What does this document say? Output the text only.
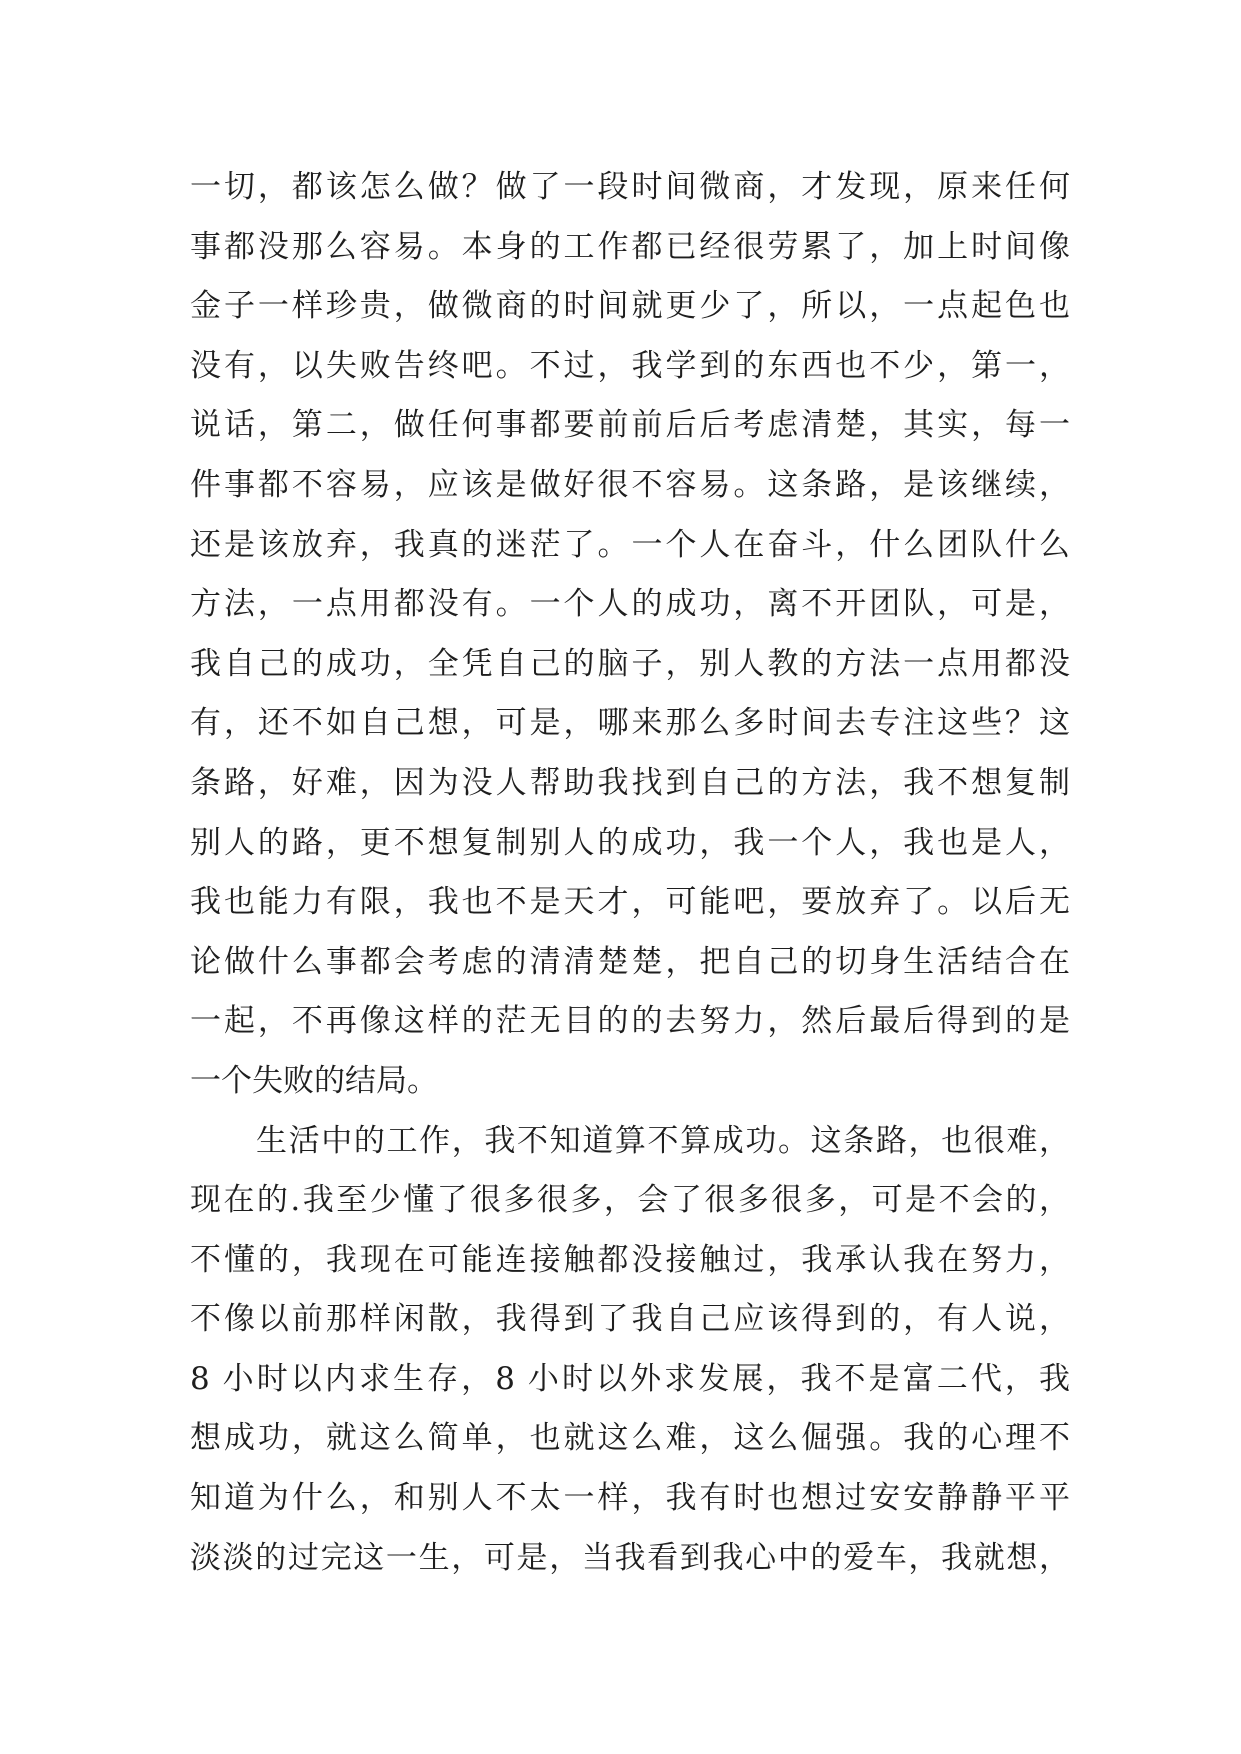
一切，都该怎么做？做了一段时间微商，才发现，原来任何
事都没那么容易。本身的工作都已经很劳累了，加上时间像
金子一样珍贵，做微商的时间就更少了，所以，一点起色也
没有，以失败告终吧。不过，我学到的东西也不少，第一，
说话，第二，做任何事都要前前后后考虑清楚，其实，每一
件事都不容易，应该是做好很不容易。这条路，是该继续，
还是该放弃，我真的迷茫了。一个人在奋斗，什么团队什么
方法，一点用都没有。一个人的成功，离不开团队，可是，
我自己的成功，全凭自己的脑子，别人教的方法一点用都没
有，还不如自己想，可是，哪来那么多时间去专注这些？这
条路，好难，因为没人帮助我找到自己的方法，我不想复制
别人的路，更不想复制别人的成功，我一个人，我也是人，
我也能力有限，我也不是天才，可能吧，要放弃了。以后无
论做什么事都会考虑的清清楚楚，把自己的切身生活结合在
一起，不再像这样的茫无目的的去努力，然后最后得到的是
一个失败的结局。
生活中的工作，我不知道算不算成功。这条路，也很难，
现在的.我至少懂了很多很多，会了很多很多，可是不会的，
不懂的，我现在可能连接触都没接触过，我承认我在努力，
不像以前那样闲散，我得到了我自己应该得到的，有人说，
8 小时以内求生存，8 小时以外求发展，我不是富二代，我
想成功，就这么简单，也就这么难，这么倔强。我的心理不
知道为什么，和别人不太一样，我有时也想过安安静静平平
淡淡的过完这一生，可是，当我看到我心中的爱车，我就想，
